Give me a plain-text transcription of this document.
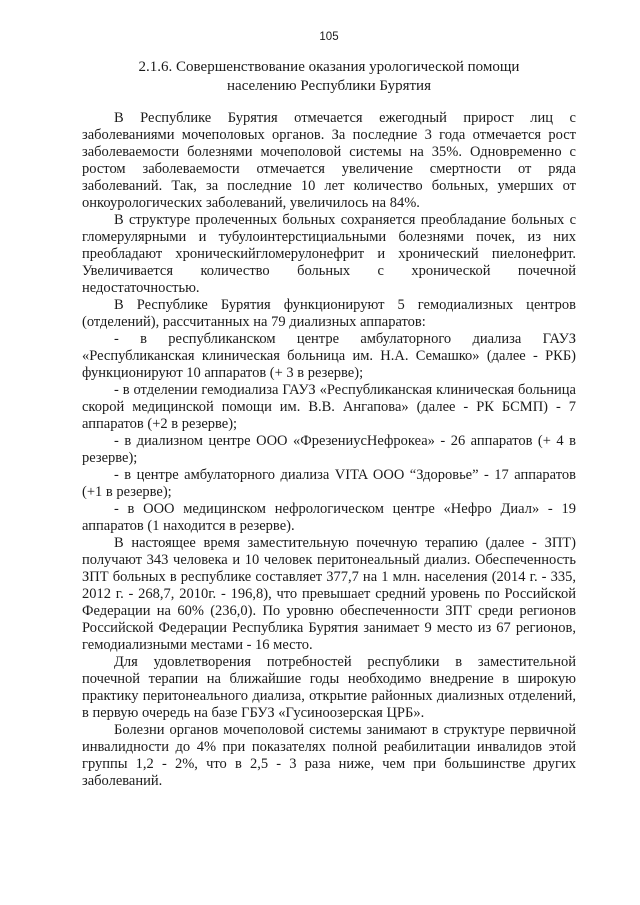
105
2.1.6. Совершенствование оказания урологической помощи
населению Республики Бурятия

В Республике Бурятия отмечается ежегодный прирост лиц с заболеваниями мочеполовых органов. За последние 3 года отмечается рост заболеваемости болезнями мочеполовой системы на 35%. Одновременно с ростом заболеваемости отмечается увеличение смертности от ряда заболеваний. Так, за последние 10 лет количество больных, умерших от онкоурологических заболеваний, увеличилось на 84%.

В структуре пролеченных больных сохраняется преобладание больных с гломерулярными и тубулоинтерстициальными болезнями почек, из них преобладают хроническийгломерулонефрит и хронический пиелонефрит. Увеличивается количество больных с хронической почечной недостаточностью.

В Республике Бурятия функционируют 5 гемодиализных центров (отделений), рассчитанных на 79 диализных аппаратов:

- в республиканском центре амбулаторного диализа ГАУЗ «Республиканская клиническая больница им. Н.А. Семашко» (далее - РКБ) функционируют 10 аппаратов (+ 3 в резерве);

- в отделении гемодиализа ГАУЗ «Республиканская клиническая больница скорой медицинской помощи им. В.В. Ангапова» (далее - РК БСМП) - 7 аппаратов (+2 в резерве);

- в диализном центре ООО «ФрезениусНефрокеа» - 26 аппаратов (+ 4 в резерве);

- в центре амбулаторного диализа VITA ООО “Здоровье” - 17 аппаратов (+1 в резерве);

- в ООО медицинском нефрологическом центре «Нефро Диал» - 19 аппаратов (1 находится в резерве).

В настоящее время заместительную почечную терапию (далее - ЗПТ) получают 343 человека и 10 человек перитонеальный диализ. Обеспеченность ЗПТ больных в республике составляет 377,7 на 1 млн. населения (2014 г. - 335, 2012 г. - 268,7, 2010г. - 196,8), что превышает средний уровень по Российской Федерации на 60% (236,0). По уровню обеспеченности ЗПТ среди регионов Российской Федерации Республика Бурятия занимает 9 место из 67 регионов, гемодиализными местами - 16 место.

Для удовлетворения потребностей республики в заместительной почечной терапии на ближайшие годы необходимо внедрение в широкую практику перитонеального диализа, открытие районных диализных отделений, в первую очередь на базе ГБУЗ «Гусиноозерская ЦРБ».

Болезни органов мочеполовой системы занимают в структуре первичной инвалидности до 4% при показателях полной реабилитации инвалидов этой группы 1,2 - 2%, что в 2,5 - 3 раза ниже, чем при большинстве других заболеваний.
